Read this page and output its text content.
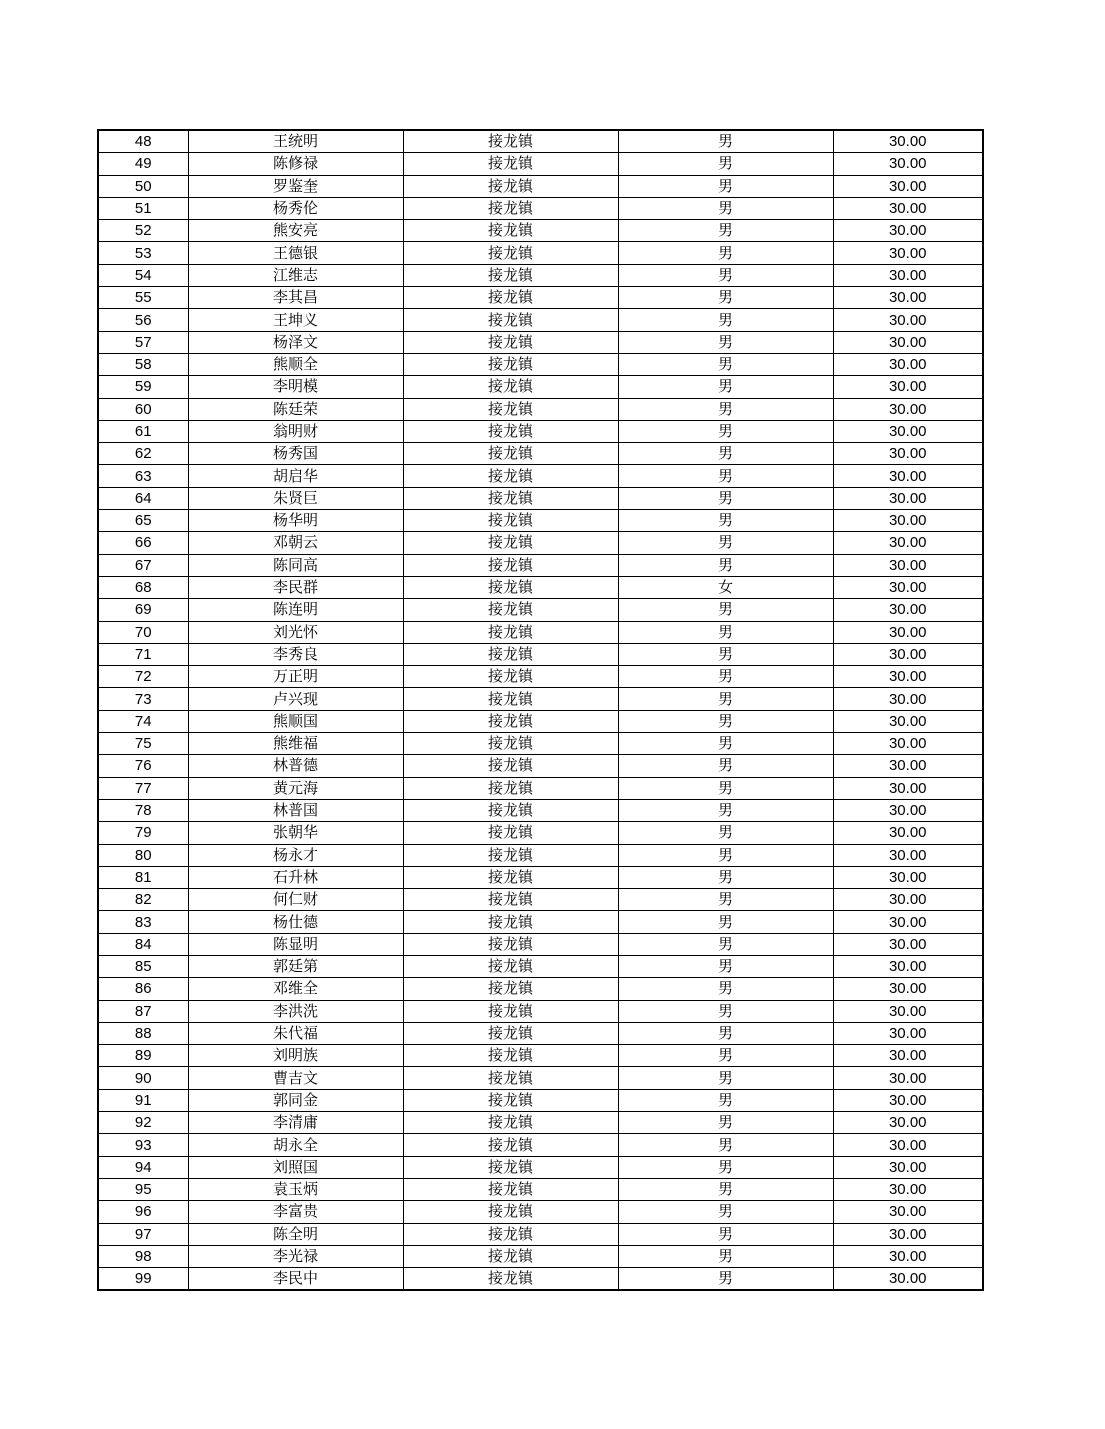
48	王统明	接龙镇	男	30.00
49	陈修禄	接龙镇	男	30.00
50	罗鉴奎	接龙镇	男	30.00
51	杨秀伦	接龙镇	男	30.00
52	熊安亮	接龙镇	男	30.00
53	王德银	接龙镇	男	30.00
54	江维志	接龙镇	男	30.00
55	李其昌	接龙镇	男	30.00
56	王坤义	接龙镇	男	30.00
57	杨泽文	接龙镇	男	30.00
58	熊顺全	接龙镇	男	30.00
59	李明模	接龙镇	男	30.00
60	陈廷荣	接龙镇	男	30.00
61	翁明财	接龙镇	男	30.00
62	杨秀国	接龙镇	男	30.00
63	胡启华	接龙镇	男	30.00
64	朱贤巨	接龙镇	男	30.00
65	杨华明	接龙镇	男	30.00
66	邓朝云	接龙镇	男	30.00
67	陈同高	接龙镇	男	30.00
68	李民群	接龙镇	女	30.00
69	陈连明	接龙镇	男	30.00
70	刘光怀	接龙镇	男	30.00
71	李秀良	接龙镇	男	30.00
72	万正明	接龙镇	男	30.00
73	卢兴现	接龙镇	男	30.00
74	熊顺国	接龙镇	男	30.00
75	熊维福	接龙镇	男	30.00
76	林普德	接龙镇	男	30.00
77	黄元海	接龙镇	男	30.00
78	林普国	接龙镇	男	30.00
79	张朝华	接龙镇	男	30.00
80	杨永才	接龙镇	男	30.00
81	石升林	接龙镇	男	30.00
82	何仁财	接龙镇	男	30.00
83	杨仕德	接龙镇	男	30.00
84	陈显明	接龙镇	男	30.00
85	郭廷第	接龙镇	男	30.00
86	邓维全	接龙镇	男	30.00
87	李洪洗	接龙镇	男	30.00
88	朱代福	接龙镇	男	30.00
89	刘明族	接龙镇	男	30.00
90	曹吉文	接龙镇	男	30.00
91	郭同金	接龙镇	男	30.00
92	李清庸	接龙镇	男	30.00
93	胡永全	接龙镇	男	30.00
94	刘照国	接龙镇	男	30.00
95	袁玉炳	接龙镇	男	30.00
96	李富贵	接龙镇	男	30.00
97	陈全明	接龙镇	男	30.00
98	李光禄	接龙镇	男	30.00
99	李民中	接龙镇	男	30.00
